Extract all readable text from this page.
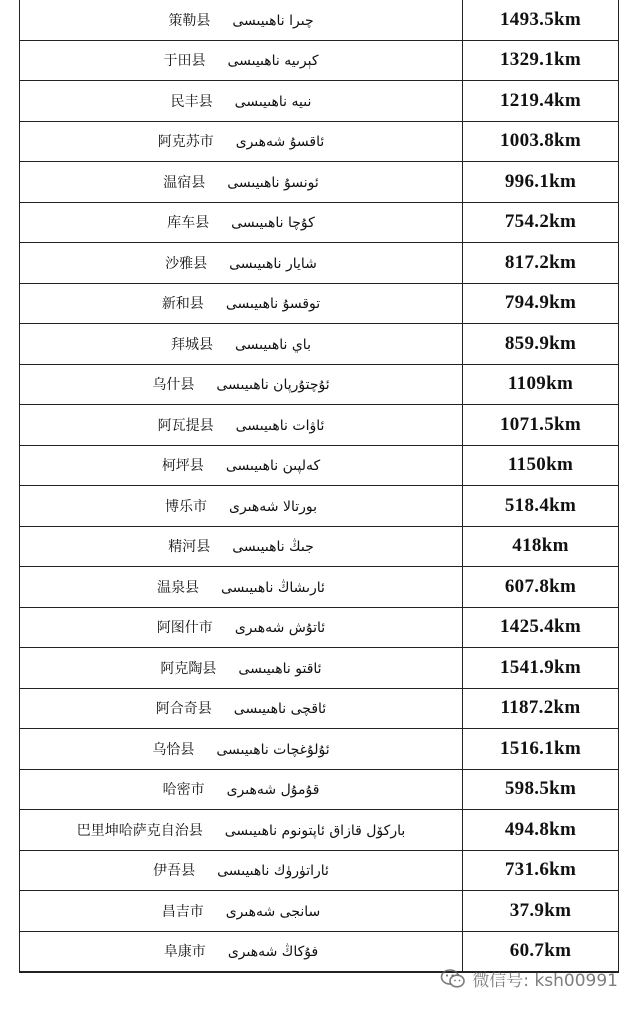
策勒县 چىرا ناھىيىسى	1493.5km
于田县 كېرىيە ناھىيىسى	1329.1km
民丰县 نىيە ناھىيىسى	1219.4km
阿克苏市 ئاقسۇ شەھىرى	1003.8km
温宿县 ئونسۇ ناھىيىسى	996.1km
库车县 كۇچا ناھىيىسى	754.2km
沙雅县 شايار ناھىيىسى	817.2km
新和县 توقسۇ ناھىيىسى	794.9km
拜城县 باي ناھىيىسى	859.9km
乌什县 ئۇچتۇرپان ناھىيىسى	1109km
阿瓦提县 ئاۋات ناھىيىسى	1071.5km
柯坪县 كەلپىن ناھىيىسى	1150km
博乐市 بورتالا شەھىرى	518.4km
精河县 جىڭ ناھىيىسى	418km
温泉县 ئارىشاڭ ناھىيىسى	607.8km
阿图什市 ئاتۇش شەھىرى	1425.4km
阿克陶县 ئاقتو ناھىيىسى	1541.9km
阿合奇县 ئاقچى ناھىيىسى	1187.2km
乌恰县 ئۇلۇغچات ناھىيىسى	1516.1km
哈密市 قۇمۇل شەھىرى	598.5km
巴里坤哈萨克自治县 باركۆل قازاق ئاپتونوم ناھىيىسى	494.8km
伊吾县 ئاراتۈرۈك ناھىيىسى	731.6km
昌吉市 سانجى شەھىرى	37.9km
阜康市 فۇكاڭ شەھىرى	60.7km
微信号: ksh00991
